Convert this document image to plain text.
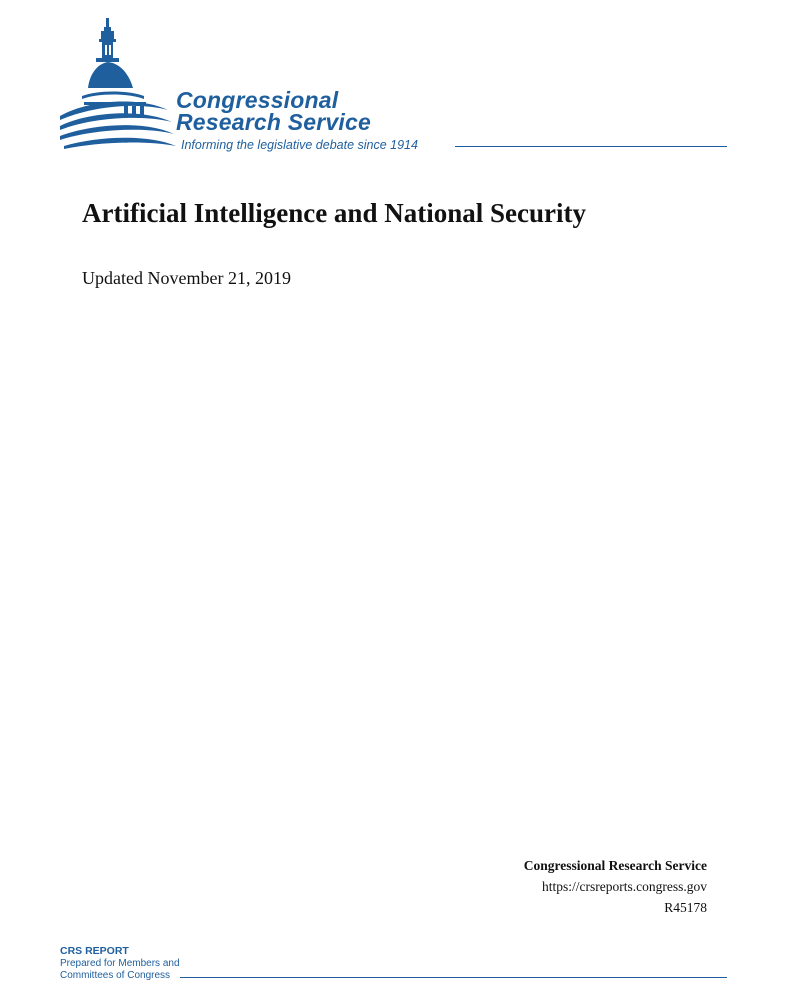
Congressional
Research Service
Informing the legislative debate since 1914
Artificial Intelligence and National Security

Updated November 21, 2019

Congressional Research Service
https://crsreports.congress.gov
R45178
CRS REPORT
Prepared for Members and
Committees of Congress
